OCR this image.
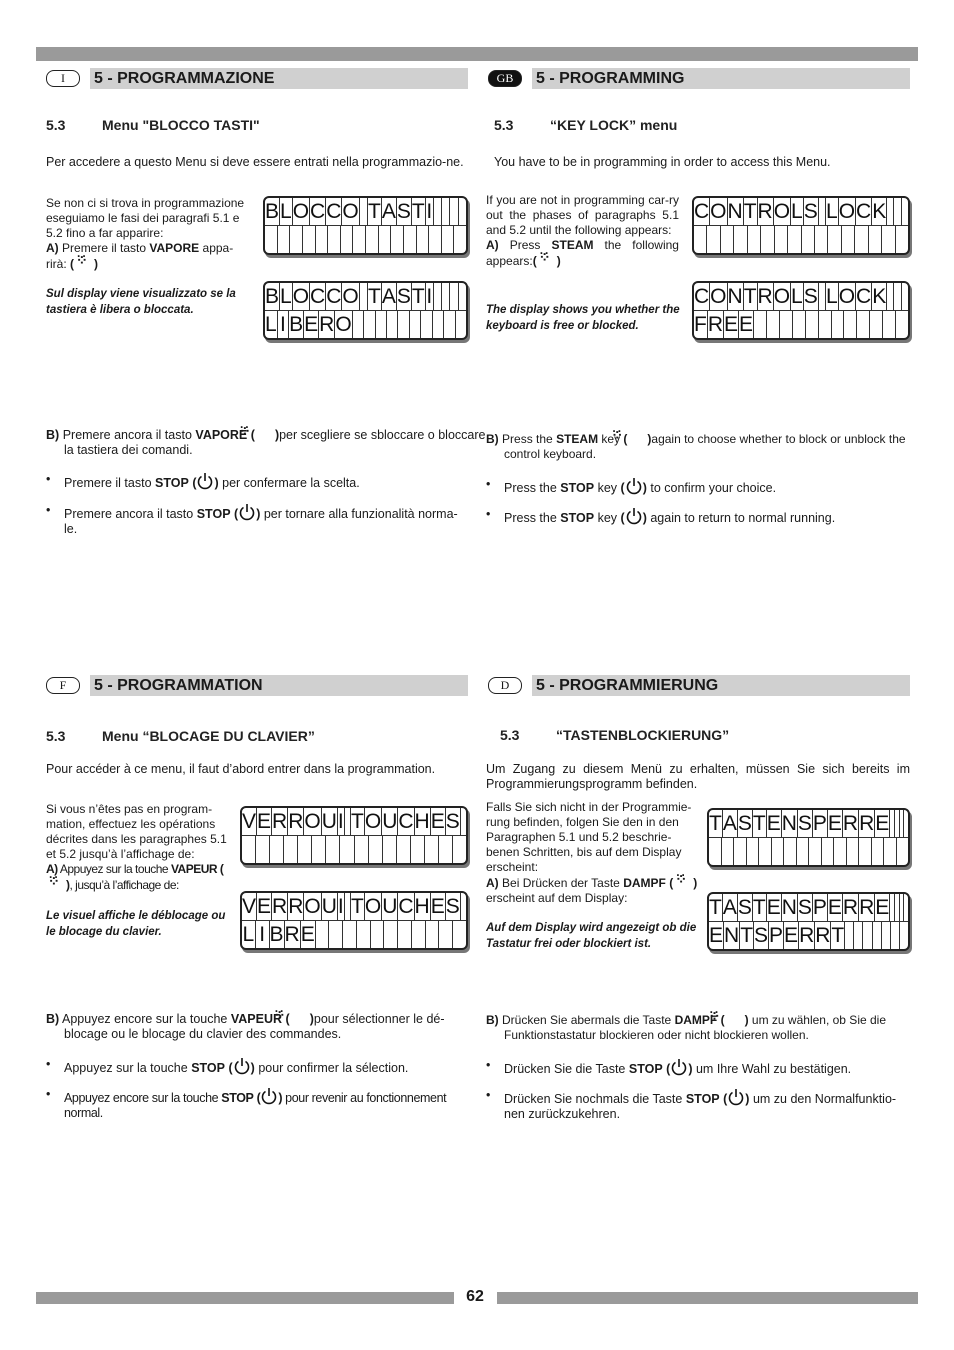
I	5 - PROGRAMMAZIONE
5.3	Menu "BLOCCO TASTI"

Per accedere a questo Menu si deve essere entrati nella programmazio-ne.

Se non ci si trova in programmazione eseguiamo le fasi dei paragrafi 5.1 e 5.2 fino a far apparire:

A) Premere il tasto VAPORE appa-rirà: ( · · ⁘ )

Sul display viene visualizzato se la tastiera è libera o bloccata.
B L O C C O T A S T I
B L O C C O T A S T I
L I B E R O
B) Premere ancora il tasto VAPORE ( · · ⁘ )per scegliere se sbloccare o bloccare la tastiera dei comandi.
• Premere il tasto STOP ( ) per confermare la scelta.
• Premere ancora il tasto STOP ( ) per tornare alla funzionalità norma-le.
GB	5 - PROGRAMMING
5.3	“KEY LOCK” menu

You have to be in programming in order to access this Menu.

If you are not in programming car-ry out the phases of paragraphs 5.1 and 5.2 until the following appears:

A) Press STEAM the following appears:( · · ⁘ )

The display shows you whether the keyboard is free or blocked.
C O N T R O L S L O C K
C O N T R O L S L O C K
F R E E
B) Press the STEAM key ( · · ⁘ )again to choose whether to block or unblock the control keyboard.
• Press the STOP key ( ) to confirm your choice.
• Press the STOP key ( ) again to return to normal running.
F	5 - PROGRAMMATION
5.3	Menu “BLOCAGE DU CLAVIER”

Pour accéder à ce menu, il faut d’abord entrer dans la programmation.

Si vous n’êtes pas en program-mation, effectuez les opérations décrites dans les paragraphes 5.1 et 5.2 jusqu’à l’affichage de:

A) Appuyez sur la touche VAPEUR (· · ⁘), jusqu’à l’affichage de:

Le visuel affiche le déblocage ou le blocage du clavier.
V E R R O U I T O U C H E S
V E R R O U I T O U C H E S
L I B R E
B) Appuyez encore sur la touche VAPEUR ( · · ⁘ )pour sélectionner le dé-blocage ou le blocage du clavier des commandes.
• Appuyez sur la touche STOP ( ) pour confirmer la sélection.
• Appuyez encore sur la touche STOP ( ) pour revenir au fonctionnement normal.
D	5 - PROGRAMMIERUNG
5.3	“TASTENBLOCKIERUNG”

Um Zugang zu diesem Menü zu erhalten, müssen Sie sich bereits im Programmierungsprogramm befinden.

Falls Sie sich nicht in der Programmie-rung befinden, folgen Sie den in den Paragraphen 5.1 und 5.2 beschrie-benen Schritten, bis auf dem Display erscheint:

A) Bei Drücken der Taste DAMPF ( · · ⁘ ) erscheint auf dem Display:

Auf dem Display wird angezeigt ob die Tastatur frei oder blockiert ist.
T A S T E N S P E R R E
T A S T E N S P E R R E
E N T S P E R R T
B) Drücken Sie abermals die Taste DAMPF ( · · ⁘ ) um zu wählen, ob Sie die Funktionstastatur blockieren oder nicht blockieren wollen.
• Drücken Sie die Taste STOP ( ) um Ihre Wahl zu bestätigen.
• Drücken Sie nochmals die Taste STOP ( ) um zu den Normalfunktio-nen zurückzukehren.
62
